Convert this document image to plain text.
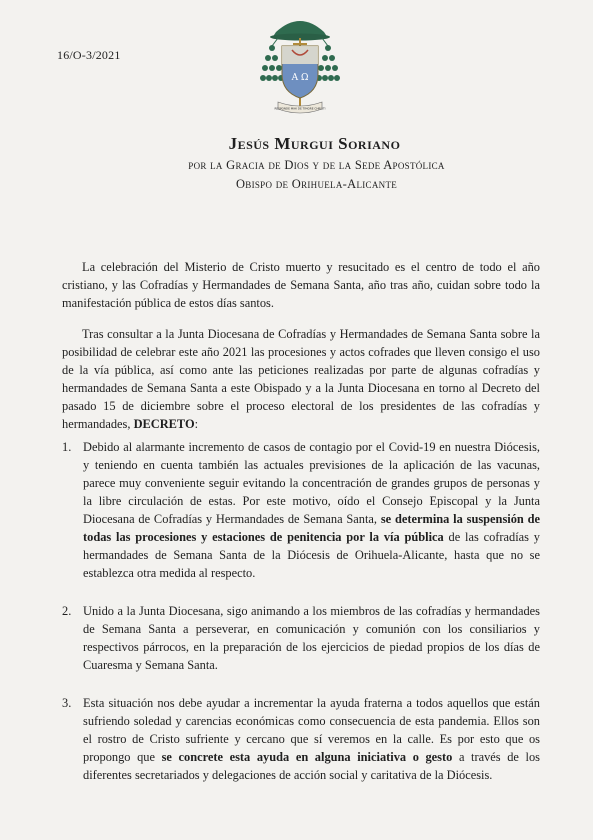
16/O-3/2021
Α Ω
RESPONDE MIHI DE TIMORE CHRISTI
Jesús Murgui Soriano
por la Gracia de Dios y de la Sede Apostólica
Obispo de Orihuela-Alicante
La celebración del Misterio de Cristo muerto y resucitado es el centro de todo el año cristiano, y las Cofradías y Hermandades de Semana Santa, año tras año, cuidan sobre todo la manifestación pública de estos días santos.
Tras consultar a la Junta Diocesana de Cofradías y Hermandades de Semana Santa sobre la posibilidad de celebrar este año 2021 las procesiones y actos cofrades que lleven consigo el uso de la vía pública, así como ante las peticiones realizadas por parte de algunas cofradías y hermandades de Semana Santa a este Obispado y a la Junta Diocesana en torno al Decreto del pasado 15 de diciembre sobre el proceso electoral de los presidentes de las cofradías y hermandades, DECRETO:
1. Debido al alarmante incremento de casos de contagio por el Covid-19 en nuestra Diócesis, y teniendo en cuenta también las actuales previsiones de la aplicación de las vacunas, parece muy conveniente seguir evitando la concentración de grandes grupos de personas y la libre circulación de estas. Por este motivo, oído el Consejo Episcopal y la Junta Diocesana de Cofradías y Hermandades de Semana Santa, se determina la suspensión de todas las procesiones y estaciones de penitencia por la vía pública de las cofradías y hermandades de Semana Santa de la Diócesis de Orihuela-Alicante, hasta que no se establezca otra medida al respecto.
2. Unido a la Junta Diocesana, sigo animando a los miembros de las cofradías y hermandades de Semana Santa a perseverar, en comunicación y comunión con los consiliarios y respectivos párrocos, en la preparación de los ejercicios de piedad propios de los días de Cuaresma y Semana Santa.
3. Esta situación nos debe ayudar a incrementar la ayuda fraterna a todos aquellos que están sufriendo soledad y carencias económicas como consecuencia de esta pandemia. Ellos son el rostro de Cristo sufriente y cercano que sí veremos en la calle. Es por esto que os propongo que se concrete esta ayuda en alguna iniciativa o gesto a través de los diferentes secretariados y delegaciones de acción social y caritativa de la Diócesis.
